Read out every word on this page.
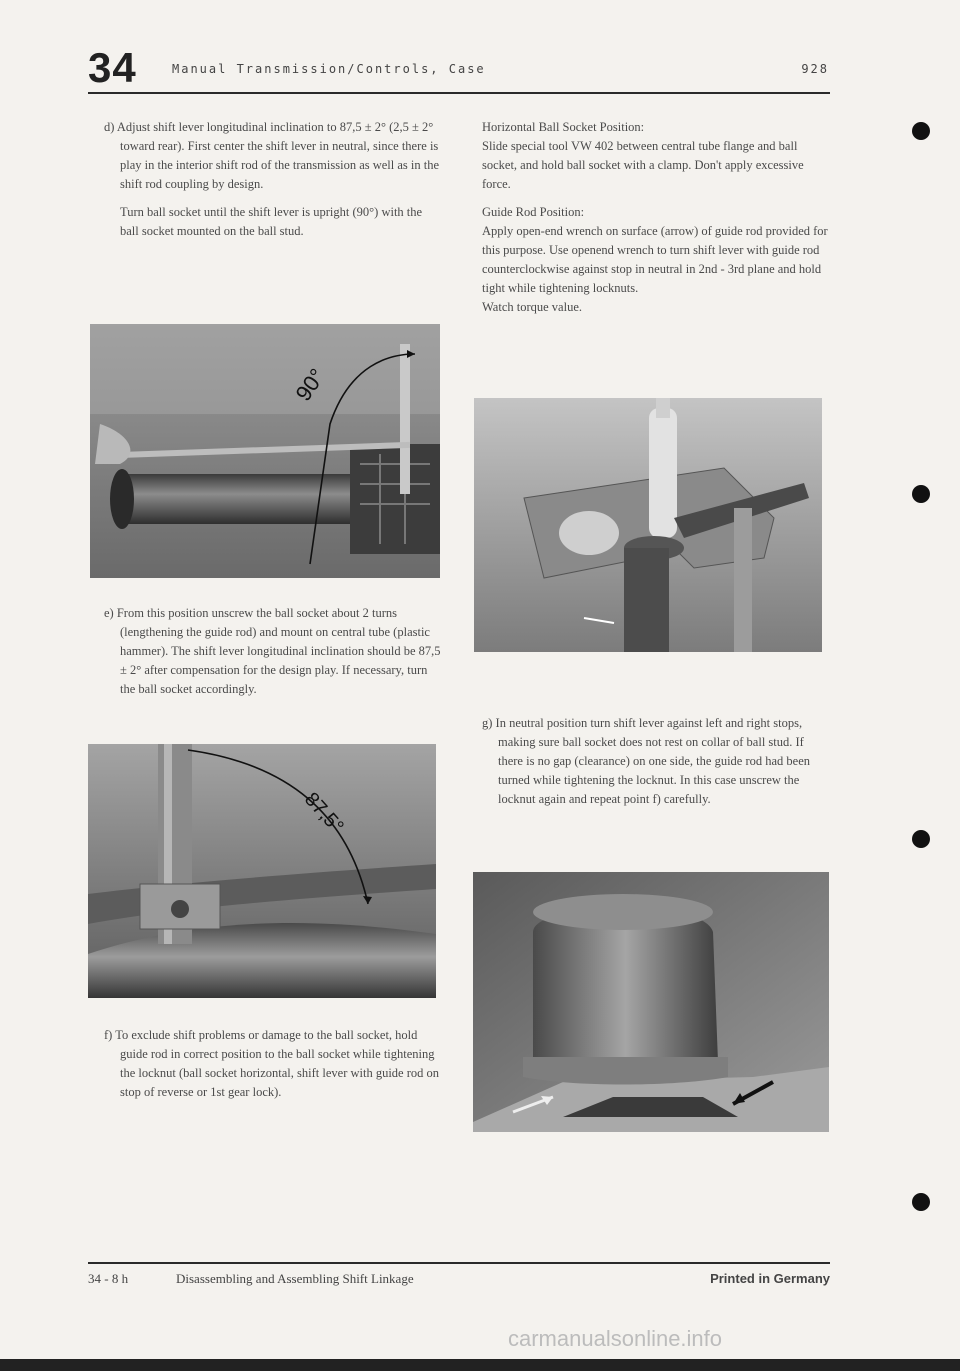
34	Manual Transmission/Controls, Case	928

d) Adjust shift lever longitudinal inclination to 87,5 ± 2° (2,5 ± 2° toward rear). First center the shift lever in neutral, since there is play in the interior shift rod of the transmission as well as in the shift rod coupling by design.

Turn ball socket until the shift lever is upright (90°) with the ball socket mounted on the ball stud.

90°

e) From this position unscrew the ball socket about 2 turns (lengthening the guide rod) and mount on central tube (plastic hammer). The shift lever longitudinal inclination should be 87,5 ± 2° after compensation for the design play. If necessary, turn the ball socket accordingly.

87,5°

f) To exclude shift problems or damage to the ball socket, hold guide rod in correct position to the ball socket while tightening the locknut (ball socket horizontal, shift lever with guide rod on stop of reverse or 1st gear lock).

Horizontal Ball Socket Position:

Slide special tool VW 402 between central tube flange and ball socket, and hold ball socket with a clamp. Don't apply excessive force.

Guide Rod Position:

Apply open-end wrench on surface (arrow) of guide rod provided for this purpose. Use openend wrench to turn shift lever with guide rod counterclockwise against stop in neutral in 2nd - 3rd plane and hold tight while tightening locknuts.

Watch torque value.

g) In neutral position turn shift lever against left and right stops, making sure ball socket does not rest on collar of ball stud. If there is no gap (clearance) on one side, the guide rod had been turned while tightening the locknut. In this case unscrew the locknut again and repeat point f) carefully.

34 - 8 h	Disassembling and Assembling Shift Linkage	Printed in Germany
carmanualsonline.info
